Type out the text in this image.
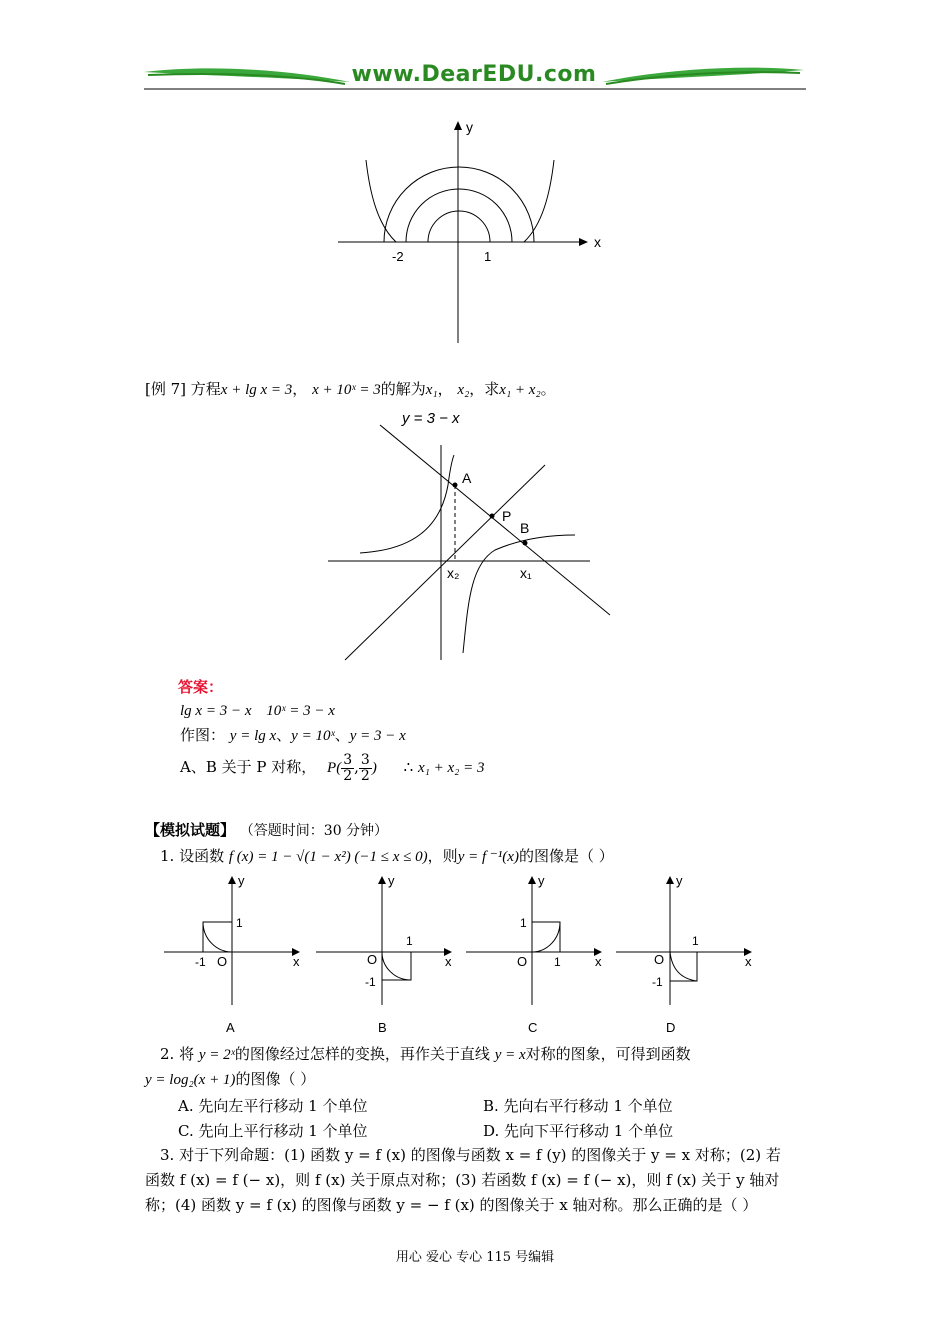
www.DearEDU.com
y
x
-2	1
[例 7] 方程x + lg x = 3， x + 10ˣ = 3的解为x₁， x₂，求x₁ + x₂。
y = 3 − x
A
P
B
x₂	x₁
答案：
lg x = 3 − x 10ˣ = 3 − x
作图： y = lg x、y = 10ˣ、y = 3 − x
A、B 关于 P 对称， $P( \frac{3}{2}$ , $\frac{3}{2}$ ) ∴ x₁ + x₂ = 3
【模拟试题】 （答题时间：30 分钟）
1. 设函数 f (x) = 1 − √(1 − x²) (−1 ≤ x ≤ 0)，则y = f ⁻¹(x)的图像是（ ）
y
x
O
1
-1
A
y
x
O
1
-1
B
y
x
O
1
1
C
y
x
O
1
-1
D
2. 将 y = 2ˣ的图像经过怎样的变换，再作关于直线 y = x对称的图象，可得到函数
y = log₂(x + 1)的图像（ ）
A. 先向左平行移动 1 个单位	B. 先向右平行移动 1 个单位
C. 先向上平行移动 1 个单位	D. 先向下平行移动 1 个单位
3. 对于下列命题：(1) 函数 y = f (x) 的图像与函数 x = f (y) 的图像关于 y = x 对称；(2) 若
函数 f (x) = f (− x)，则 f (x) 关于原点对称；(3) 若函数 f (x) = f (− x)，则 f (x) 关于 y 轴对
称；(4) 函数 y = f (x) 的图像与函数 y = − f (x) 的图像关于 x 轴对称。那么正确的是（ ）
用心 爱心 专心 115 号编辑
